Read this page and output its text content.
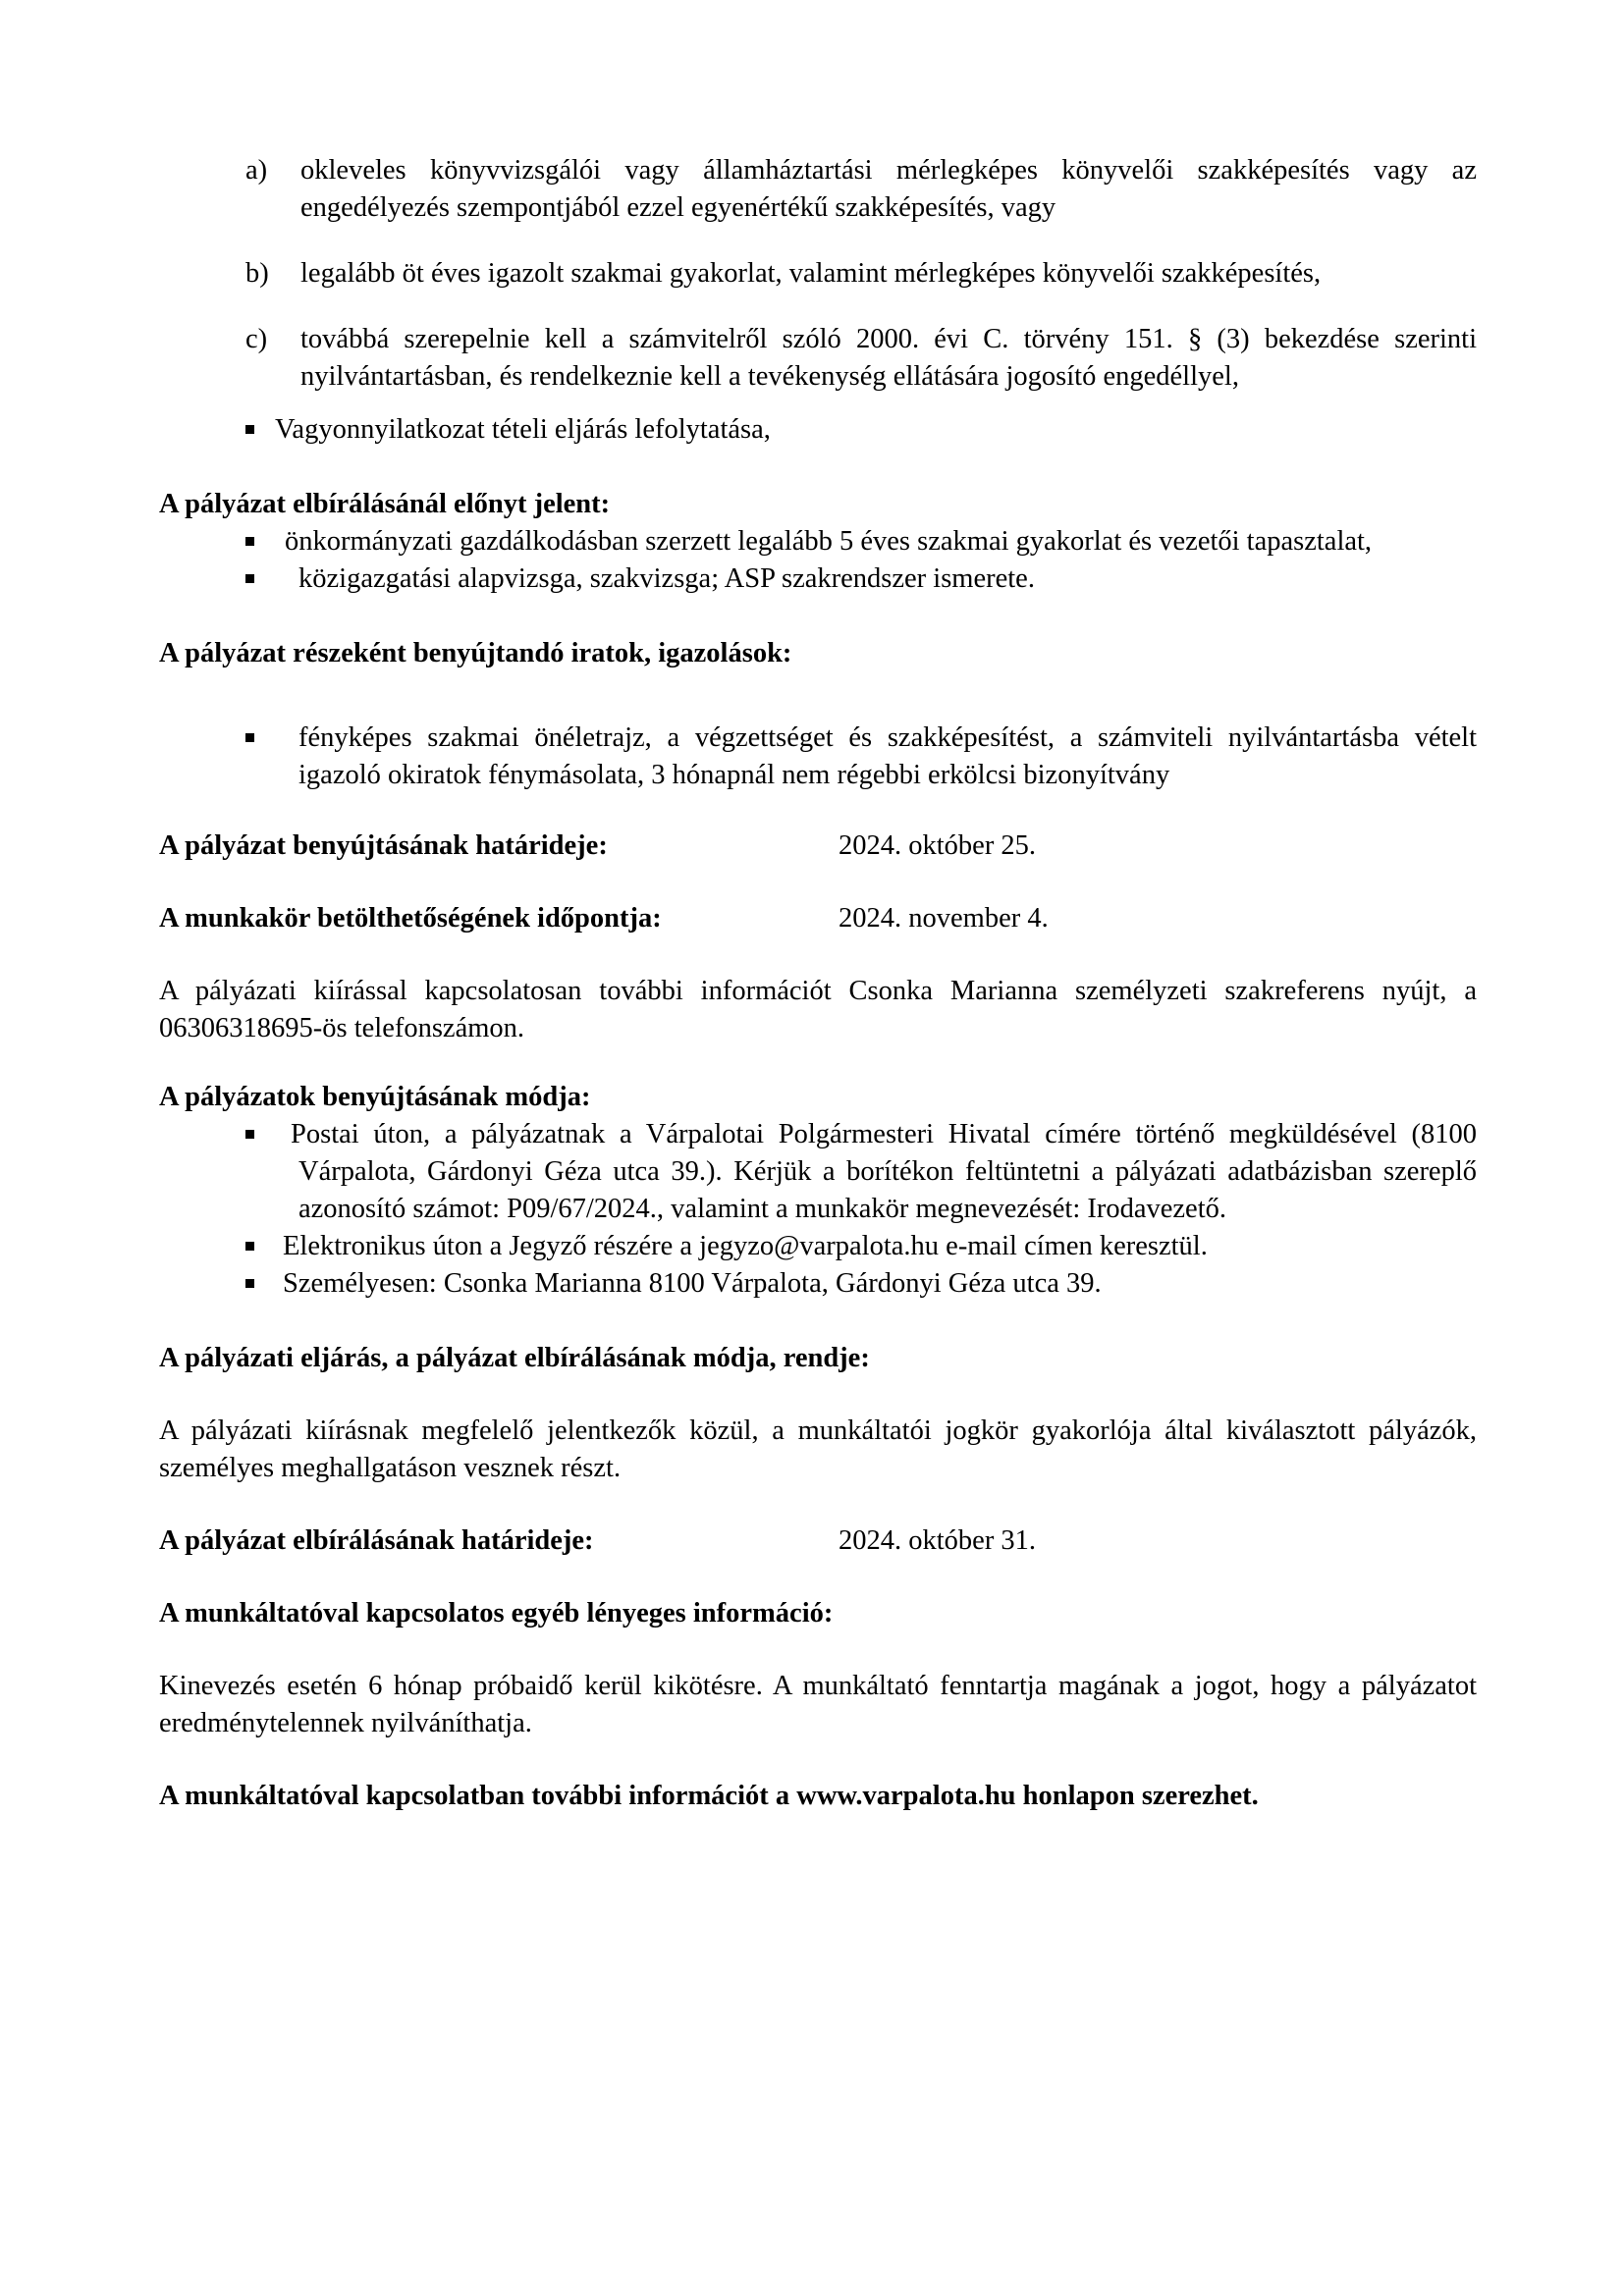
a) okleveles könyvvizsgálói vagy államháztartási mérlegképes könyvelői szakképesítés vagy az engedélyezés szempontjából ezzel egyenértékű szakképesítés, vagy
b) legalább öt éves igazolt szakmai gyakorlat, valamint mérlegképes könyvelői szakképesítés,
c) továbbá szerepelnie kell a számvitelről szóló 2000. évi C. törvény 151. § (3) bekezdése szerinti nyilvántartásban, és rendelkeznie kell a tevékenység ellátására jogosító engedéllyel,
Vagyonnyilatkozat tételi eljárás lefolytatása,
A pályázat elbírálásánál előnyt jelent:
önkormányzati gazdálkodásban szerzett legalább 5 éves szakmai gyakorlat és vezetői tapasztalat,
közigazgatási alapvizsga, szakvizsga; ASP szakrendszer ismerete.
A pályázat részeként benyújtandó iratok, igazolások:
fényképes szakmai önéletrajz, a végzettséget és szakképesítést, a számviteli nyilvántartásba vételt igazoló okiratok fénymásolata, 3 hónapnál nem régebbi erkölcsi bizonyítvány
A pályázat benyújtásának határideje:	2024. október 25.
A munkakör betölthetőségének időpontja:	2024. november 4.
A pályázati kiírással kapcsolatosan további információt Csonka Marianna személyzeti szakreferens nyújt, a 06306318695-ös telefonszámon.
A pályázatok benyújtásának módja:
Postai úton, a pályázatnak a Várpalotai Polgármesteri Hivatal címére történő megküldésével (8100 Várpalota, Gárdonyi Géza utca 39.). Kérjük a borítékon feltüntetni a pályázati adatbázisban szereplő azonosító számot: P09/67/2024., valamint a munkakör megnevezését: Irodavezető.
Elektronikus úton a Jegyző részére a jegyzo@varpalota.hu e-mail címen keresztül.
Személyesen: Csonka Marianna 8100 Várpalota, Gárdonyi Géza utca 39.
A pályázati eljárás, a pályázat elbírálásának módja, rendje:
A pályázati kiírásnak megfelelő jelentkezők közül, a munkáltatói jogkör gyakorlója által kiválasztott pályázók, személyes meghallgatáson vesznek részt.
A pályázat elbírálásának határideje:	2024. október 31.
A munkáltatóval kapcsolatos egyéb lényeges információ:
Kinevezés esetén 6 hónap próbaidő kerül kikötésre. A munkáltató fenntartja magának a jogot, hogy a pályázatot eredménytelennek nyilváníthatja.
A munkáltatóval kapcsolatban további információt a www.varpalota.hu honlapon szerezhet.
